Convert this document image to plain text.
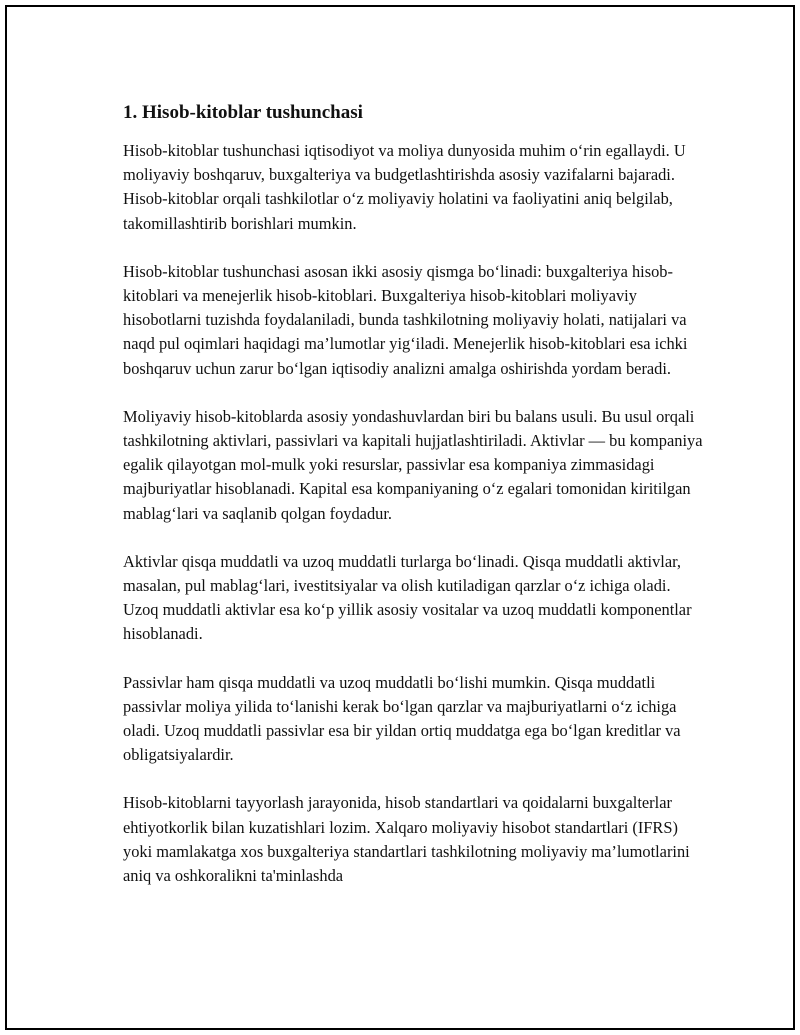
1. Hisob-kitoblar tushunchasi

Hisob-kitoblar tushunchasi iqtisodiyot va moliya dunyosida muhim o‘rin egallaydi. U moliyaviy boshqaruv, buxgalteriya va budgetlashtirishda asosiy vazifalarni bajaradi. Hisob-kitoblar orqali tashkilotlar o‘z moliyaviy holatini va faoliyatini aniq belgilab, takomillashtirib borishlari mumkin.

Hisob-kitoblar tushunchasi asosan ikki asosiy qismga bo‘linadi: buxgalteriya hisob-kitoblari va menejerlik hisob-kitoblari. Buxgalteriya hisob-kitoblari moliyaviy hisobotlarni tuzishda foydalaniladi, bunda tashkilotning moliyaviy holati, natijalari va naqd pul oqimlari haqidagi ma’lumotlar yig‘iladi. Menejerlik hisob-kitoblari esa ichki boshqaruv uchun zarur bo‘lgan iqtisodiy analizni amalga oshirishda yordam beradi.

Moliyaviy hisob-kitoblarda asosiy yondashuvlardan biri bu balans usuli. Bu usul orqali tashkilotning aktivlari, passivlari va kapitali hujjatlashtiriladi. Aktivlar — bu kompaniya egalik qilayotgan mol-mulk yoki resurslar, passivlar esa kompaniya zimmasidagi majburiyatlar hisoblanadi. Kapital esa kompaniyaning o‘z egalari tomonidan kiritilgan mablag‘lari va saqlanib qolgan foydadur.

Aktivlar qisqa muddatli va uzoq muddatli turlarga bo‘linadi. Qisqa muddatli aktivlar, masalan, pul mablag‘lari, ivestitsiyalar va olish kutiladigan qarzlar o‘z ichiga oladi. Uzoq muddatli aktivlar esa ko‘p yillik asosiy vositalar va uzoq muddatli komponentlar hisoblanadi.

Passivlar ham qisqa muddatli va uzoq muddatli bo‘lishi mumkin. Qisqa muddatli passivlar moliya yilida to‘lanishi kerak bo‘lgan qarzlar va majburiyatlarni o‘z ichiga oladi. Uzoq muddatli passivlar esa bir yildan ortiq muddatga ega bo‘lgan kreditlar va obligatsiyalardir.

Hisob-kitoblarni tayyorlash jarayonida, hisob standartlari va qoidalarni buxgalterlar ehtiyotkorlik bilan kuzatishlari lozim. Xalqaro moliyaviy hisobot standartlari (IFRS) yoki mamlakatga xos buxgalteriya standartlari tashkilotning moliyaviy ma’lumotlarini aniq va oshkoralikni ta'minlashda
